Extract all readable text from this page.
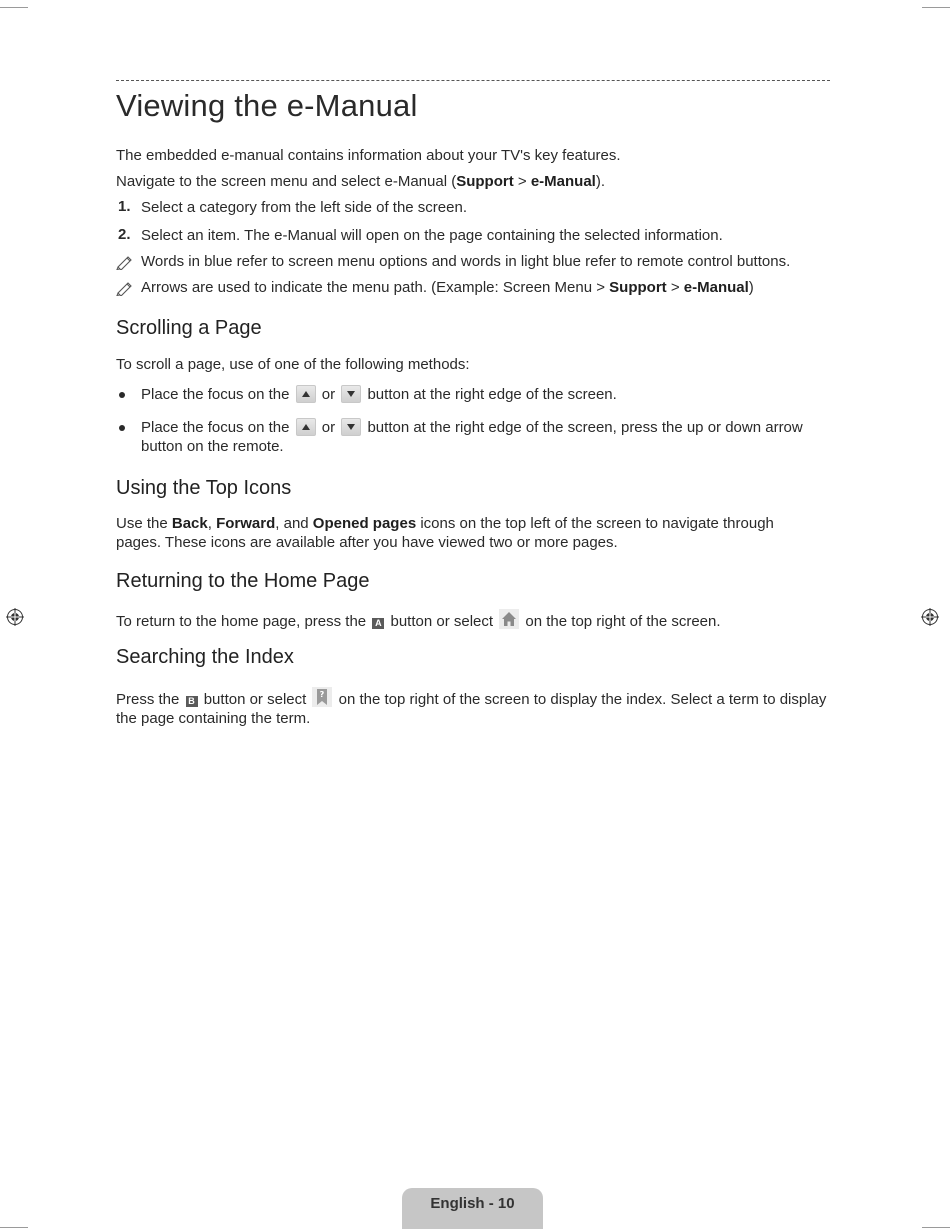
Viewing the e-Manual

The embedded e-manual contains information about your TV's key features.

Navigate to the screen menu and select e-Manual (Support > e-Manual).

1. Select a category from the left side of the screen.

2. Select an item. The e-Manual will open on the page containing the selected information.

Words in blue refer to screen menu options and words in light blue refer to remote control buttons.

Arrows are used to indicate the menu path. (Example: Screen Menu > Support > e-Manual)

Scrolling a Page

To scroll a page, use of one of the following methods:

Place the focus on the or button at the right edge of the screen.

Place the focus on the or button at the right edge of the screen, press the up or down arrow
button on the remote.

Using the Top Icons

Use the Back, Forward, and Opened pages icons on the top left of the screen to navigate through
pages. These icons are available after you have viewed two or more pages.

Returning to the Home Page

To return to the home page, press the A button or select on the top right of the screen.

Searching the Index

Press the B button or select ? on the top right of the screen to display the index. Select a term to display
the page containing the term.

English - 10
